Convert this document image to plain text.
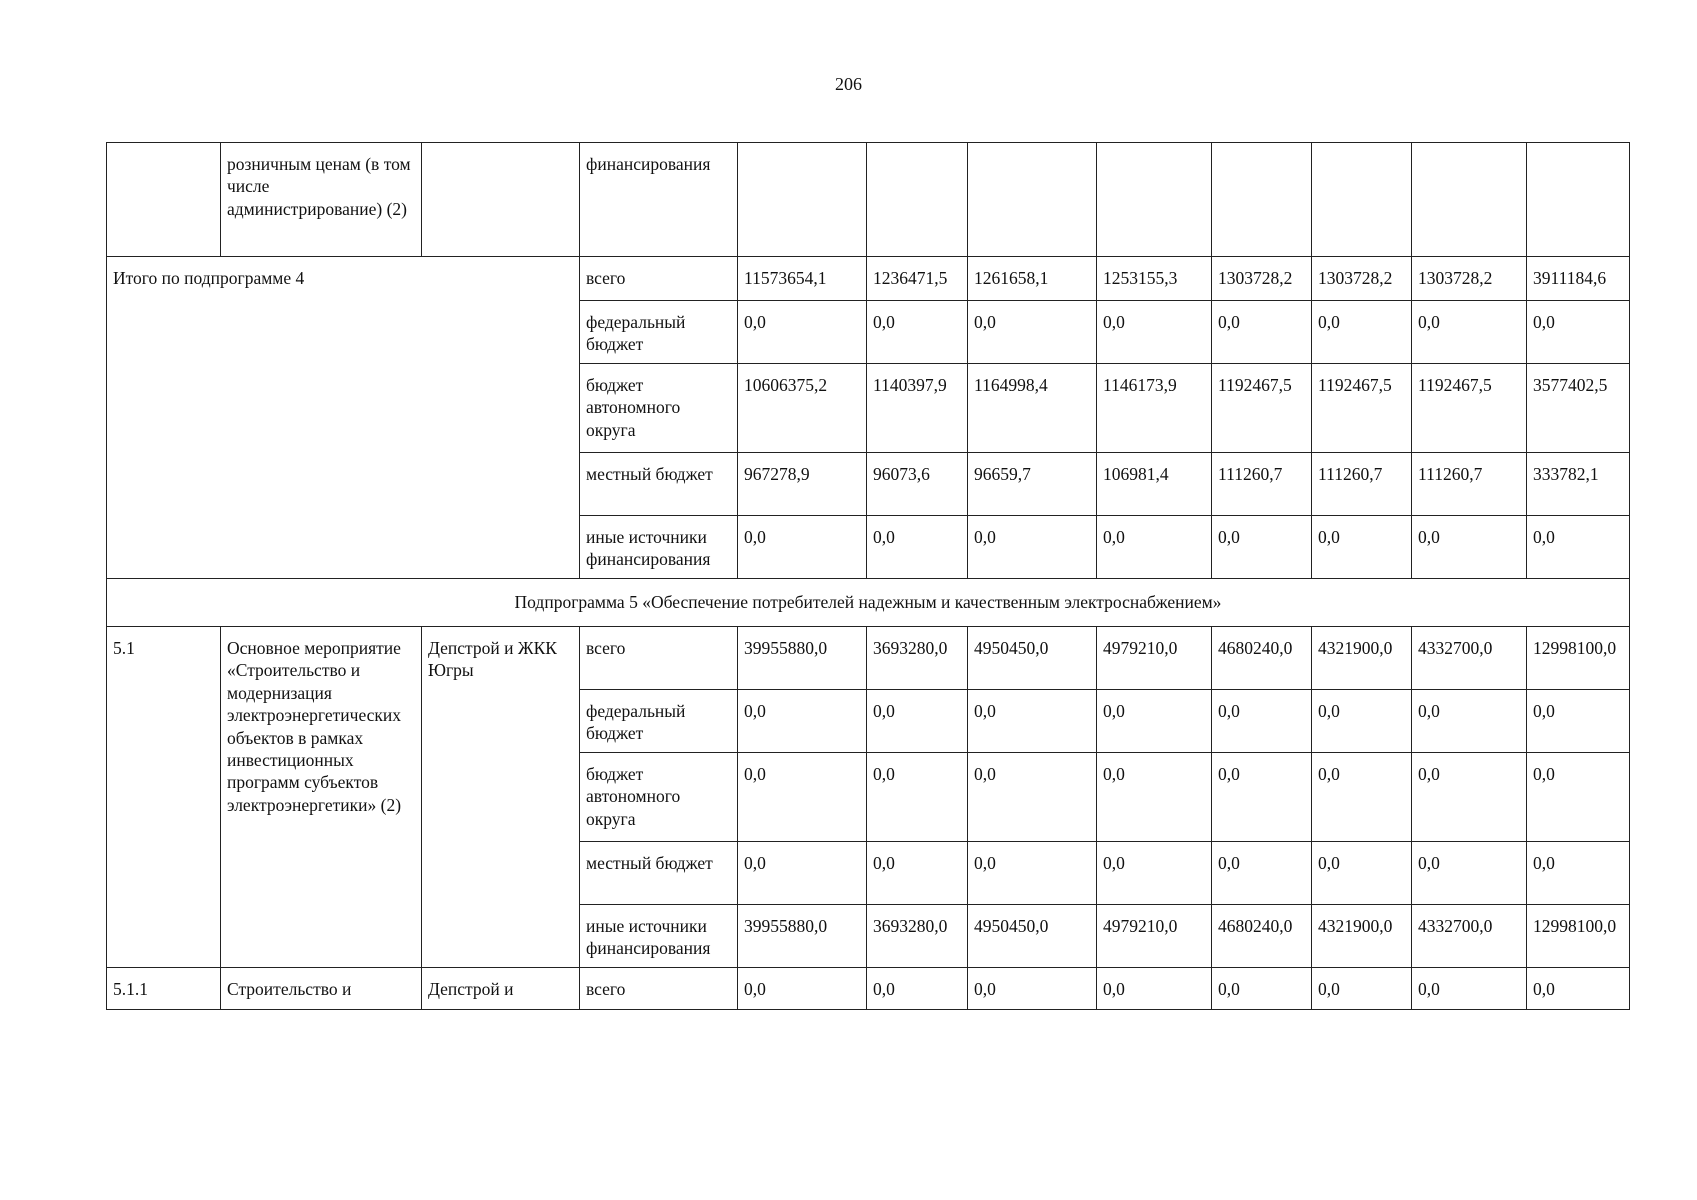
206
	розничным ценам (в том числе администрирование) (2)		финансирования								
Итого по подпрограмме 4			всего	11573654,1	1236471,5	1261658,1	1253155,3	1303728,2	1303728,2	1303728,2	3911184,6
			федеральный бюджет	0,0	0,0	0,0	0,0	0,0	0,0	0,0	0,0
			бюджет автономного округа	10606375,2	1140397,9	1164998,4	1146173,9	1192467,5	1192467,5	1192467,5	3577402,5
			местный бюджет	967278,9	96073,6	96659,7	106981,4	111260,7	111260,7	111260,7	333782,1
			иные источники финансирования	0,0	0,0	0,0	0,0	0,0	0,0	0,0	0,0
Подпрограмма 5 «Обеспечение потребителей надежным и качественным электроснабжением»											
5.1	Основное мероприятие «Строительство и модернизация электроэнергетических объектов в рамках инвестиционных программ субъектов электроэнергетики» (2)	Депстрой и ЖКК Югры	всего	39955880,0	3693280,0	4950450,0	4979210,0	4680240,0	4321900,0	4332700,0	12998100,0
			федеральный бюджет	0,0	0,0	0,0	0,0	0,0	0,0	0,0	0,0
			бюджет автономного округа	0,0	0,0	0,0	0,0	0,0	0,0	0,0	0,0
			местный бюджет	0,0	0,0	0,0	0,0	0,0	0,0	0,0	0,0
			иные источники финансирования	39955880,0	3693280,0	4950450,0	4979210,0	4680240,0	4321900,0	4332700,0	12998100,0
5.1.1	Строительство и	Депстрой и	всего	0,0	0,0	0,0	0,0	0,0	0,0	0,0	0,0
